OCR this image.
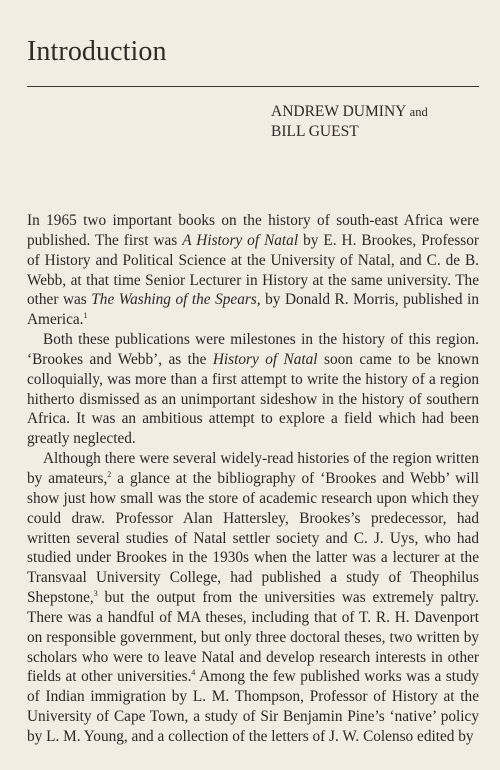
Introduction
ANDREW DUMINY and
BILL GUEST

In 1965 two important books on the history of south-east Africa were published. The first was A History of Natal by E. H. Brookes, Professor of History and Political Science at the University of Natal, and C. de B. Webb, at that time Senior Lecturer in History at the same university. The other was The Washing of the Spears, by Donald R. Morris, published in America.$^1$

Both these publications were milestones in the history of this region. ‘Brookes and Webb’, as the History of Natal soon came to be known colloquially, was more than a first attempt to write the history of a region hitherto dismissed as an unimportant sideshow in the history of southern Africa. It was an ambitious attempt to explore a field which had been greatly neglected.

Although there were several widely-read histories of the region written by amateurs,$^2$ a glance at the bibliography of ‘Brookes and Webb’ will show just how small was the store of academic research upon which they could draw. Professor Alan Hattersley, Brookes’s predecessor, had written several studies of Natal settler society and C. J. Uys, who had studied under Brookes in the 1930s when the latter was a lecturer at the Transvaal University College, had published a study of Theophilus Shepstone,$^3$ but the output from the universities was extremely paltry. There was a handful of MA theses, including that of T. R. H. Davenport on responsible government, but only three doctoral theses, two written by scholars who were to leave Natal and develop research interests in other fields at other universities.$^4$ Among the few published works was a study of Indian immigration by L. M. Thompson, Professor of History at the University of Cape Town, a study of Sir Benjamin Pine’s ‘native’ policy by L. M. Young, and a collection of the letters of J. W. Colenso edited by
